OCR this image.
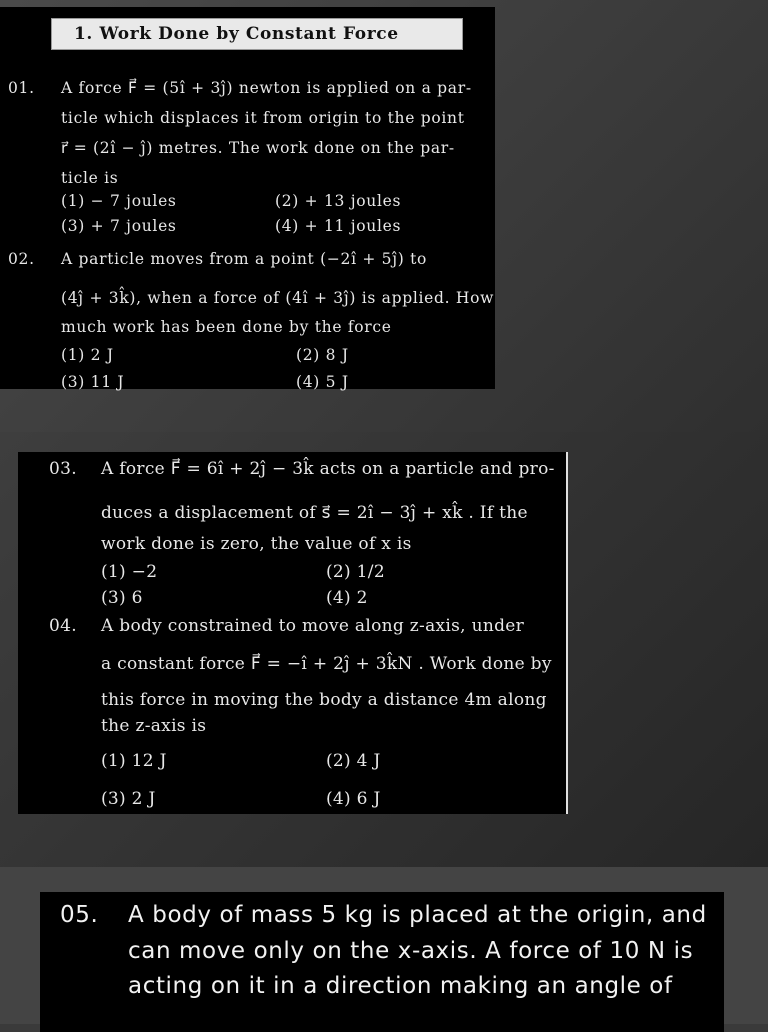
1. Work Done by Constant Force
01. A force F⃗ = (5î + 3ĵ) newton is applied on a par-
ticle which displaces it from origin to the point
r⃗ = (2î − ĵ) metres. The work done on the par-
ticle is
(1) − 7 joules	(2) + 13 joules
(3) + 7 joules	(4) + 11 joules
02. A particle moves from a point (−2î + 5ĵ) to
(4ĵ + 3k̂), when a force of (4î + 3ĵ) is applied. How
much work has been done by the force
(1) 2 J	(2) 8 J
(3) 11 J	(4) 5 J
03. A force F⃗ = 6î + 2ĵ − 3k̂ acts on a particle and pro-
duces a displacement of s⃗ = 2î − 3ĵ + xk̂ . If the
work done is zero, the value of x is
(1) −2	(2) 1/2
(3) 6	(4) 2
04. A body constrained to move along z-axis, under
a constant force F⃗ = −î + 2ĵ + 3k̂N . Work done by
this force in moving the body a distance 4m along
the z-axis is
(1) 12 J	(2) 4 J
(3) 2 J	(4) 6 J
05. A body of mass 5 kg is placed at the origin, and
can move only on the x-axis. A force of 10 N is
acting on it in a direction making an angle of
